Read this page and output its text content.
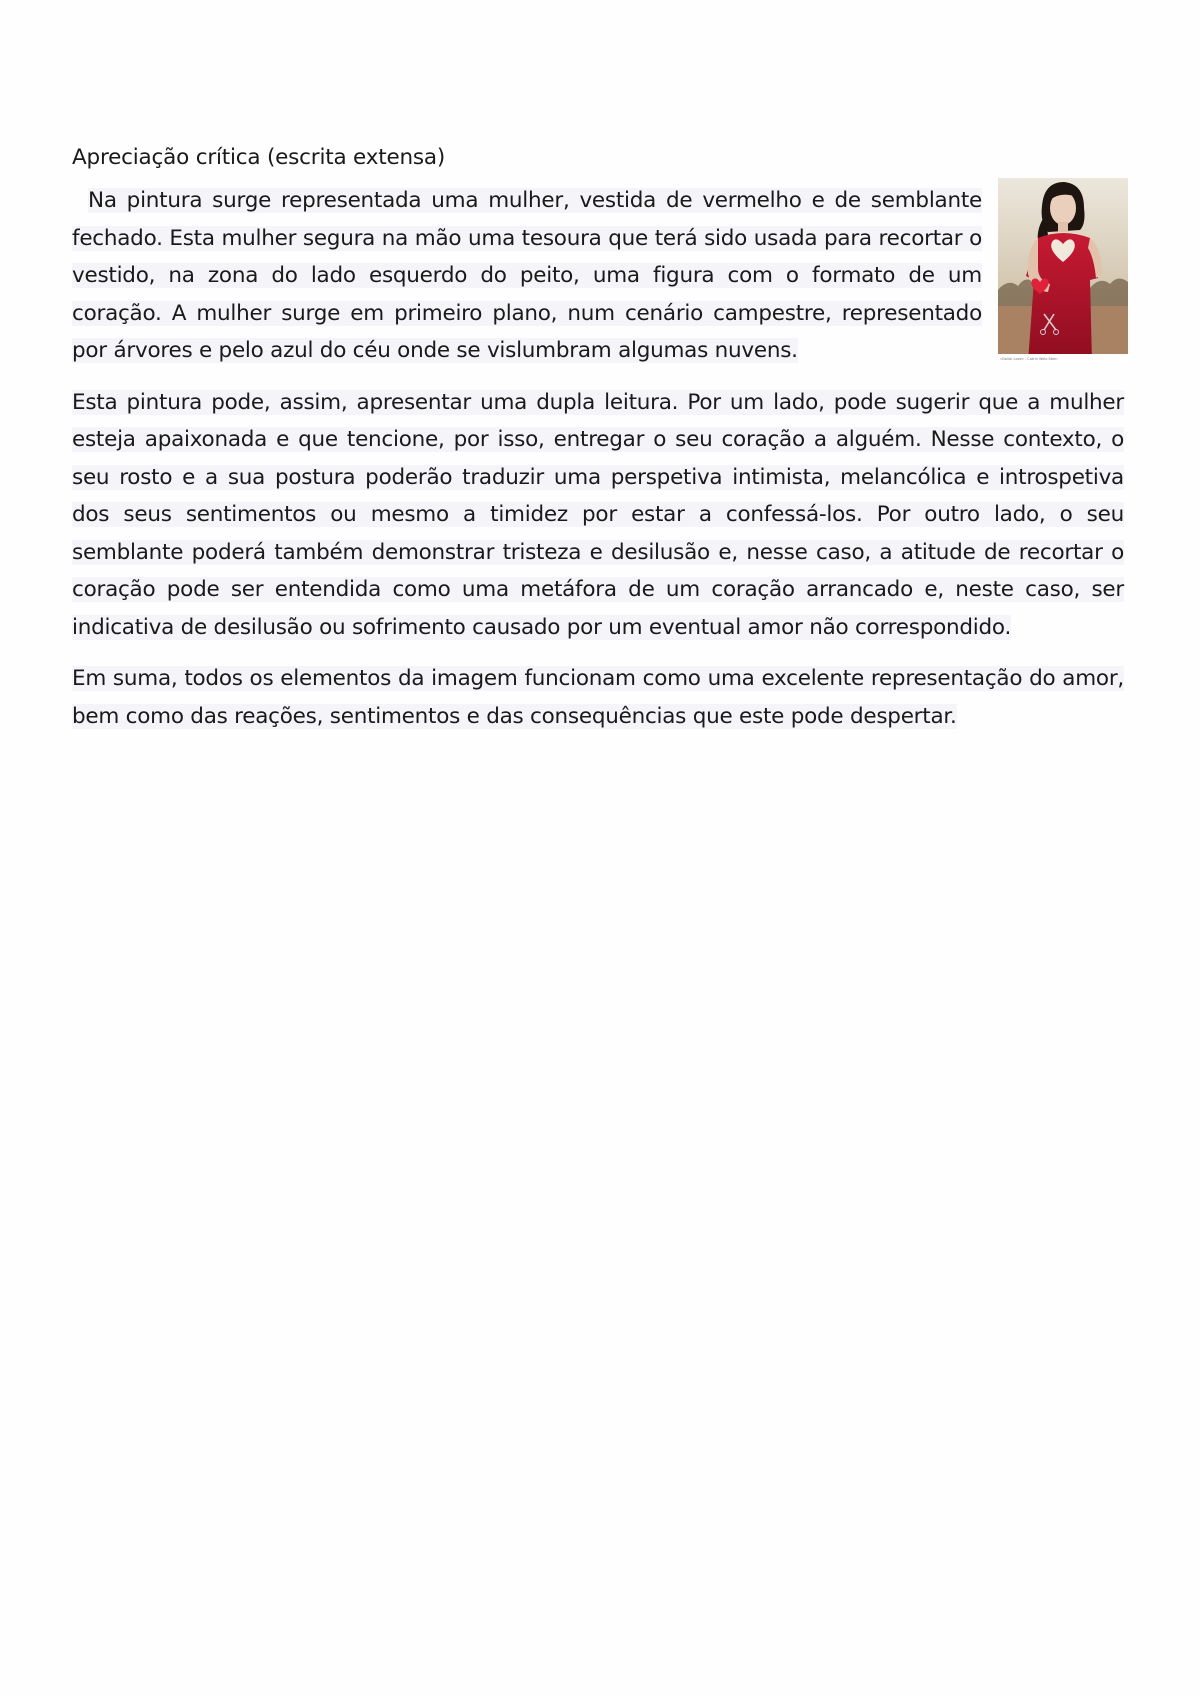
Apreciação crítica (escrita extensa)
«Dollar Love» . Catrin Welz-Stein

Na pintura surge representada uma mulher, vestida de vermelho e de semblante fechado. Esta mulher segura na mão uma tesoura que terá sido usada para recortar o vestido, na zona do lado esquerdo do peito, uma figura com o formato de um coração. A mulher surge em primeiro plano, num cenário campestre, representado por árvores e pelo azul do céu onde se vislumbram algumas nuvens.

Esta pintura pode, assim, apresentar uma dupla leitura. Por um lado, pode sugerir que a mulher esteja apaixonada e que tencione, por isso, entregar o seu coração a alguém. Nesse contexto, o seu rosto e a sua postura poderão traduzir uma perspetiva intimista, melancólica e introspetiva dos seus sentimentos ou mesmo a timidez por estar a confessá-los. Por outro lado, o seu semblante poderá também demonstrar tristeza e desilusão e, nesse caso, a atitude de recortar o coração pode ser entendida como uma metáfora de um coração arrancado e, neste caso, ser indicativa de desilusão ou sofrimento causado por um eventual amor não correspondido.

Em suma, todos os elementos da imagem funcionam como uma excelente representação do amor, bem como das reações, sentimentos e das consequências que este pode despertar.
